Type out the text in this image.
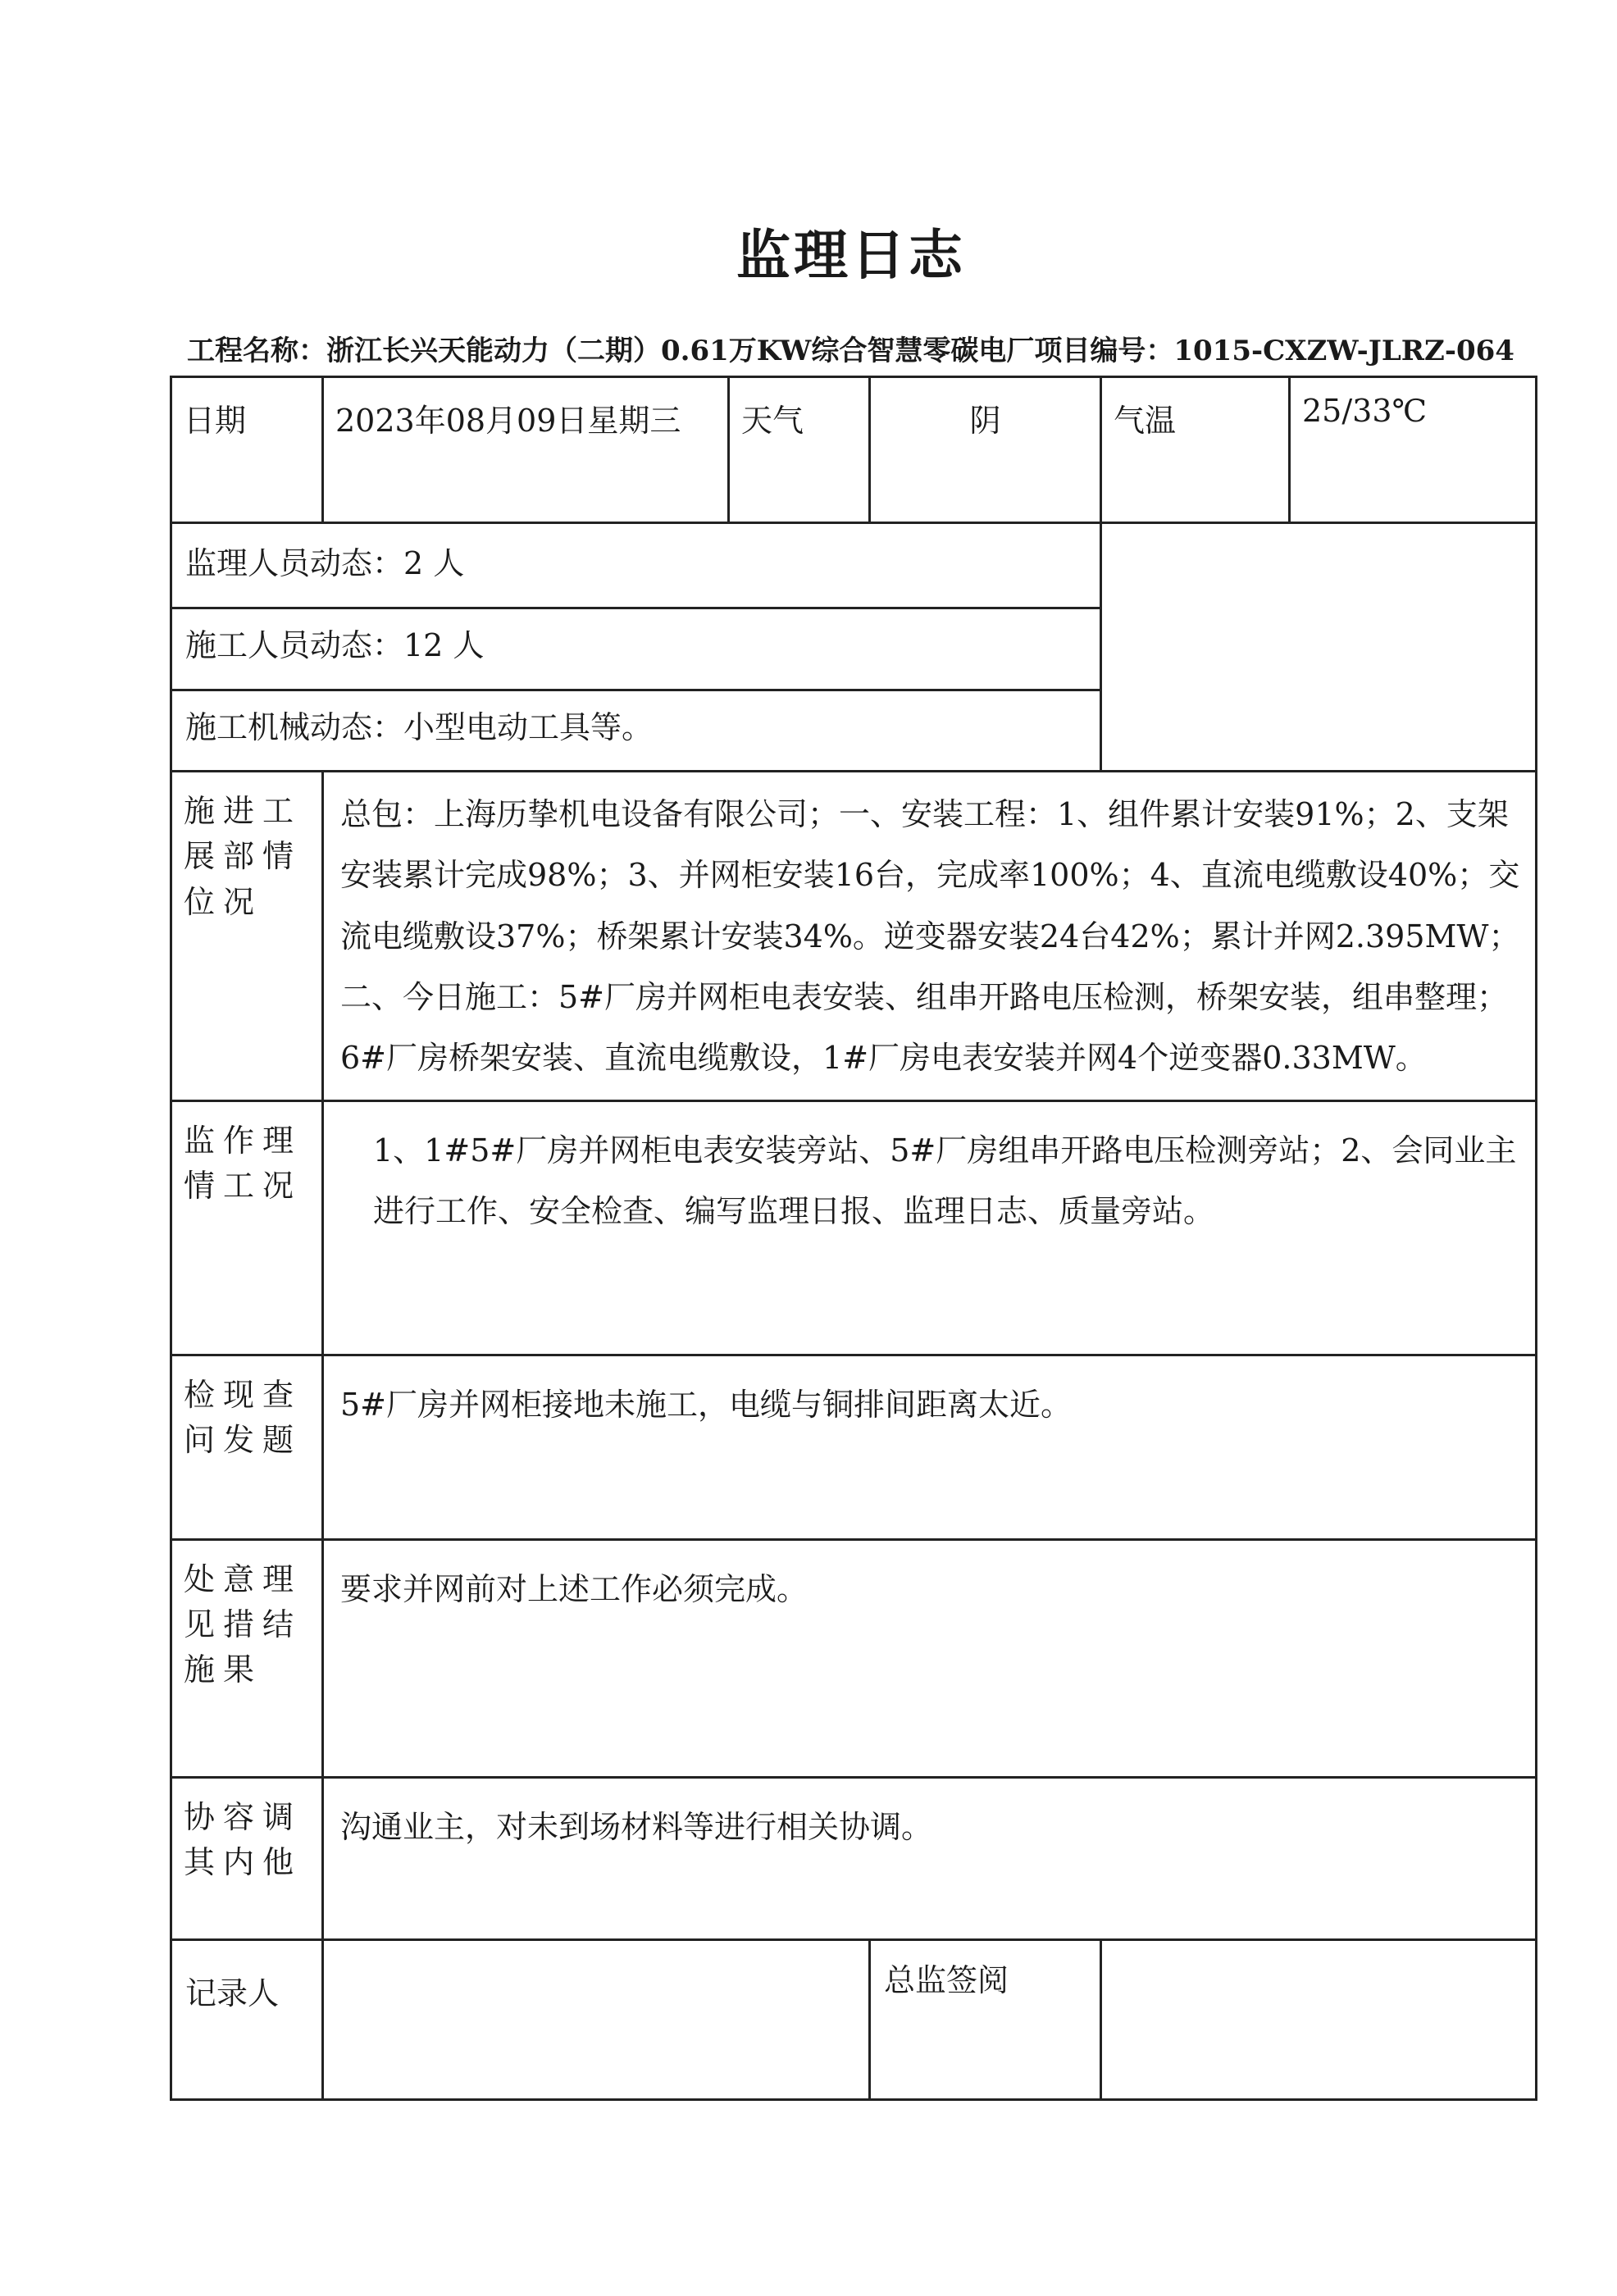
监理日志
工程名称：浙江长兴天能动力（二期）0.61万KW综合智慧零碳电厂项目编号：1015-CXZW-JLRZ-064
日期	2023年08月09日星期三	天气	阴	气温	25/33℃

监理人员动态：2 人					

施工人员动态：12 人					

施工机械动态：小型电动工具等。					

施进工展部情位况	总包：上海历挚机电设备有限公司；一、安装工程：1、组件累计安装91%；2、支架安装累计完成98%；3、并网柜安装16台，完成率100%；4、直流电缆敷设40%；交流电缆敷设37%；桥架累计安装34%。逆变器安装24台42%；累计并网2.395MW；二、今日施工：5#厂房并网柜电表安装、组串开路电压检测，桥架安装，组串整理；6#厂房桥架安装、直流电缆敷设，1#厂房电表安装并网4个逆变器0.33MW。				

监作理情工况	1、1#5#厂房并网柜电表安装旁站、5#厂房组串开路电压检测旁站；2、会同业主进行工作、安全检查、编写监理日报、监理日志、质量旁站。				

检现查问发题	5#厂房并网柜接地未施工，电缆与铜排间距离太近。				

处意理见措结施果	要求并网前对上述工作必须完成。				

协容调其内他	沟通业主，对未到场材料等进行相关协调。				

记录人			总监签阅		
